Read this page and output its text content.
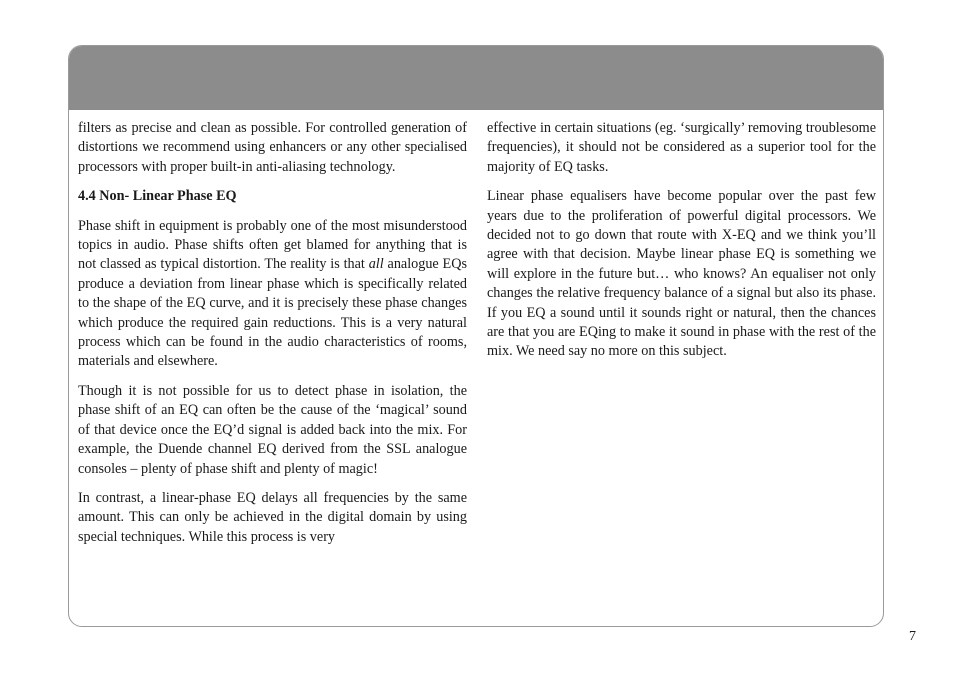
filters as precise and clean as possible. For controlled generation of distortions we recommend using enhancers or any other specialised processors with proper built-in anti-aliasing technology.

4.4 Non- Linear Phase EQ

Phase shift in equipment is probably one of the most misunderstood topics in audio. Phase shifts often get blamed for anything that is not classed as typical distortion. The reality is that all analogue EQs produce a deviation from linear phase which is specifically related to the shape of the EQ curve, and it is precisely these phase changes which produce the required gain reductions. This is a very natural process which can be found in the audio characteristics of rooms, materials and elsewhere.

Though it is not possible for us to detect phase in isolation, the phase shift of an EQ can often be the cause of the ‘magical’ sound of that device once the EQ’d signal is added back into the mix. For example, the Duende channel EQ derived from the SSL analogue consoles – plenty of phase shift and plenty of magic!

In contrast, a linear-phase EQ delays all frequencies by the same amount. This can only be achieved in the digital domain by using special techniques. While this process is very

effective in certain situations (eg. ‘surgically’ removing troublesome frequencies), it should not be considered as a superior tool for the majority of EQ tasks.

Linear phase equalisers have become popular over the past few years due to the proliferation of powerful digital processors. We decided not to go down that route with X-EQ and we think you’ll agree with that decision. Maybe linear phase EQ is something we will explore in the future but… who knows? An equaliser not only changes the relative frequency balance of a signal but also its phase. If you EQ a sound until it sounds right or natural, then the chances are that you are EQing to make it sound in phase with the rest of the mix. We need say no more on this subject.

7
